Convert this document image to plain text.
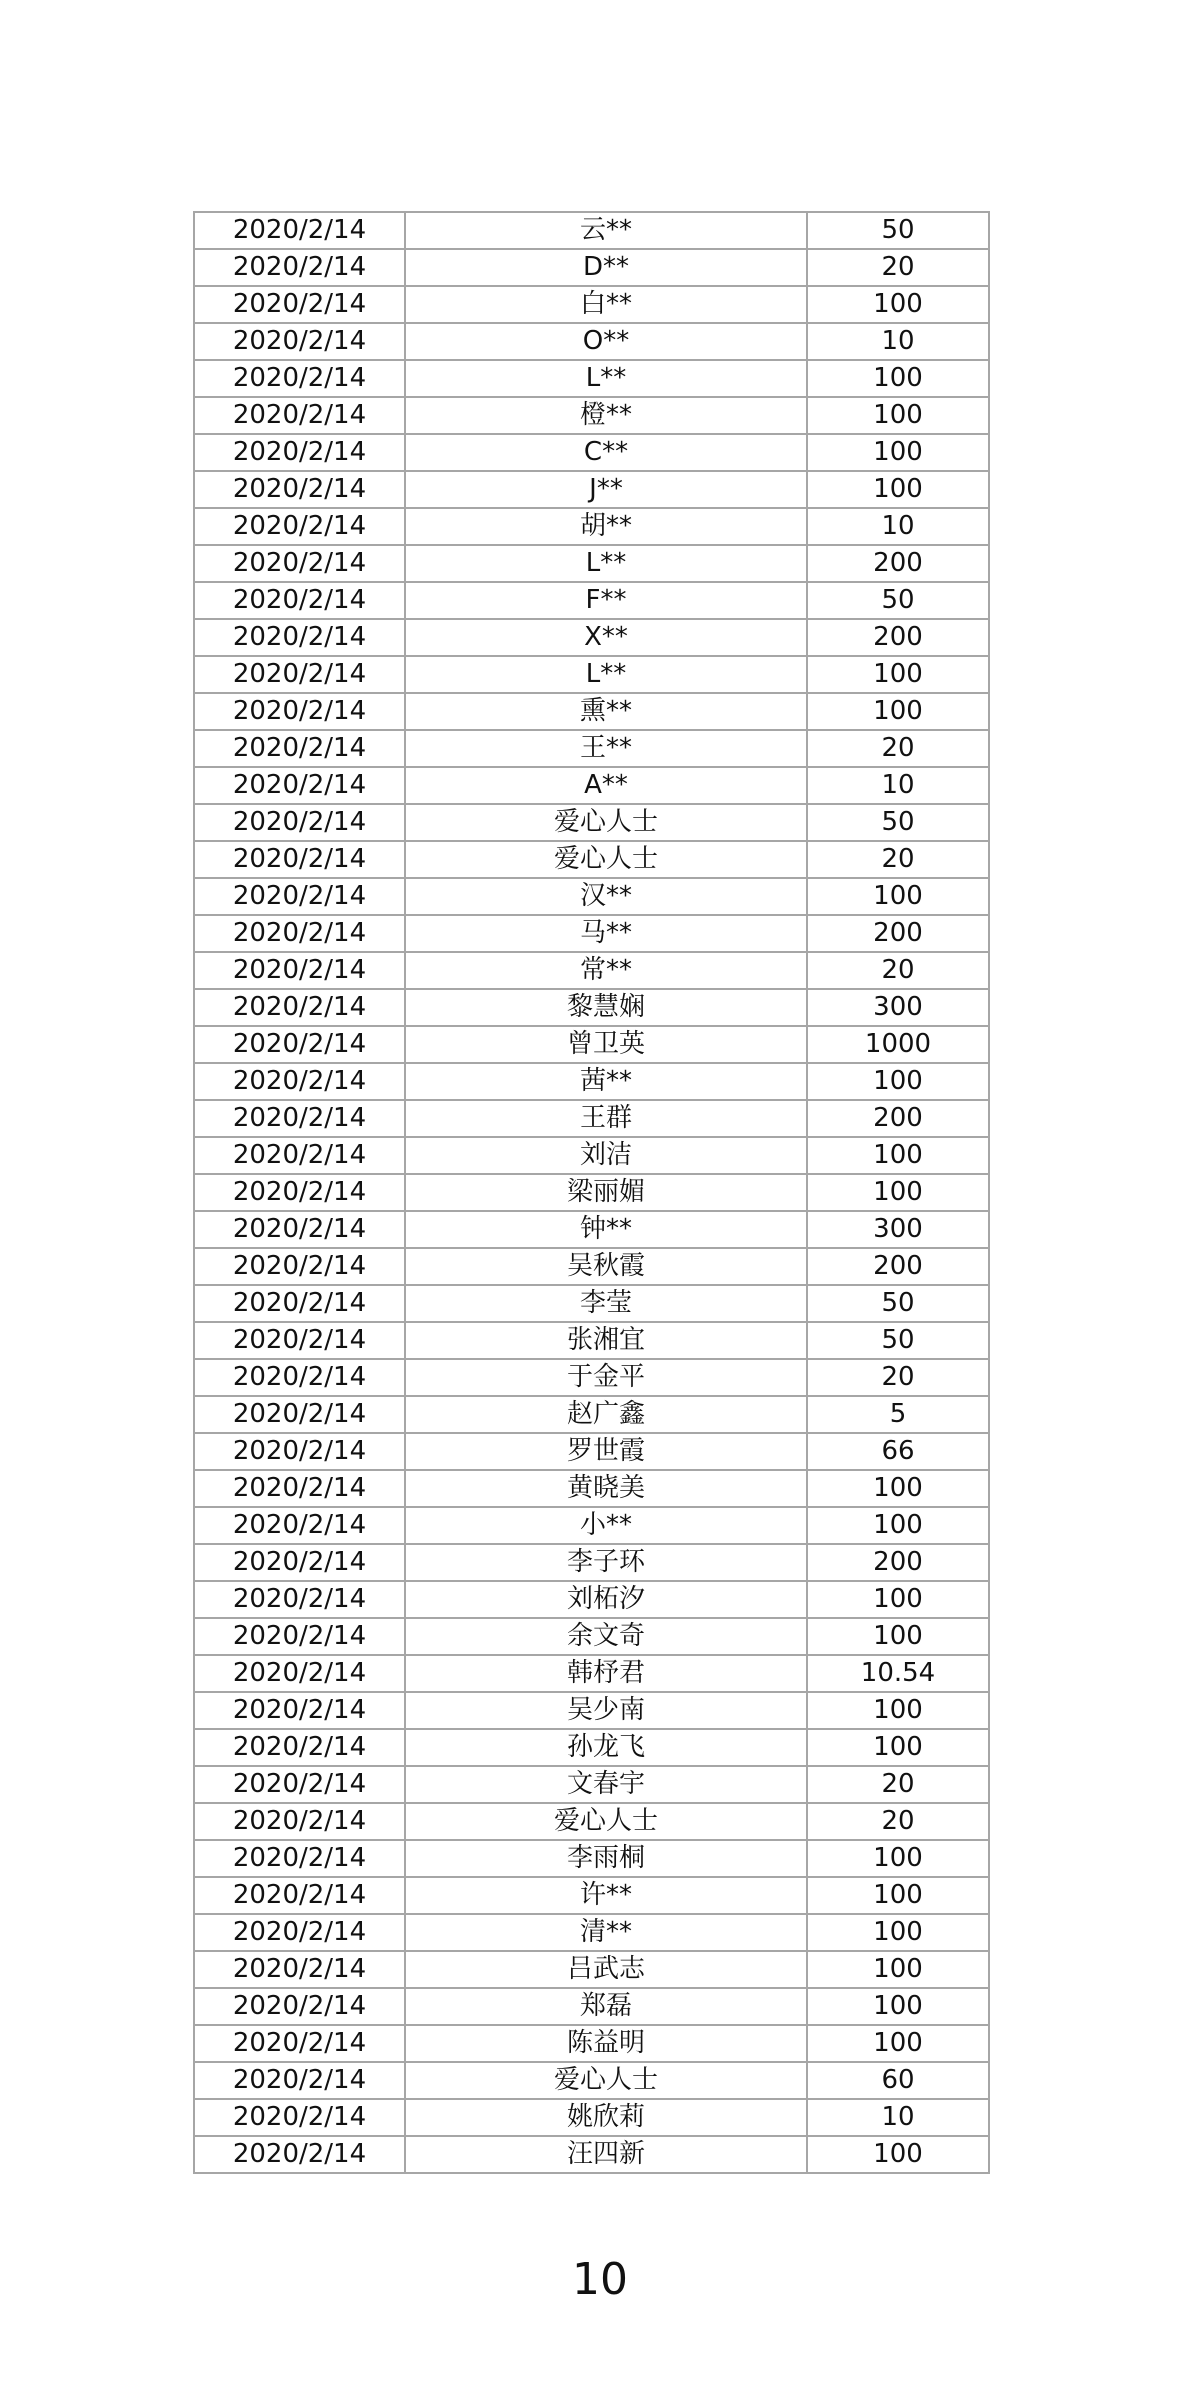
2020/2/14	云**	50
2020/2/14	D**	20
2020/2/14	白**	100
2020/2/14	O**	10
2020/2/14	L**	100
2020/2/14	橙**	100
2020/2/14	C**	100
2020/2/14	J**	100
2020/2/14	胡**	10
2020/2/14	L**	200
2020/2/14	F**	50
2020/2/14	X**	200
2020/2/14	L**	100
2020/2/14	熏**	100
2020/2/14	王**	20
2020/2/14	A**	10
2020/2/14	爱心人士	50
2020/2/14	爱心人士	20
2020/2/14	汉**	100
2020/2/14	马**	200
2020/2/14	常**	20
2020/2/14	黎慧娴	300
2020/2/14	曾卫英	1000
2020/2/14	茜**	100
2020/2/14	王群	200
2020/2/14	刘洁	100
2020/2/14	梁丽媚	100
2020/2/14	钟**	300
2020/2/14	吴秋霞	200
2020/2/14	李莹	50
2020/2/14	张湘宜	50
2020/2/14	于金平	20
2020/2/14	赵广鑫	5
2020/2/14	罗世霞	66
2020/2/14	黄晓美	100
2020/2/14	小**	100
2020/2/14	李子环	200
2020/2/14	刘柘汐	100
2020/2/14	余文奇	100
2020/2/14	韩杼君	10.54
2020/2/14	吴少南	100
2020/2/14	孙龙飞	100
2020/2/14	文春宇	20
2020/2/14	爱心人士	20
2020/2/14	李雨桐	100
2020/2/14	许**	100
2020/2/14	清**	100
2020/2/14	吕武志	100
2020/2/14	郑磊	100
2020/2/14	陈益明	100
2020/2/14	爱心人士	60
2020/2/14	姚欣莉	10
2020/2/14	汪四新	100
10
